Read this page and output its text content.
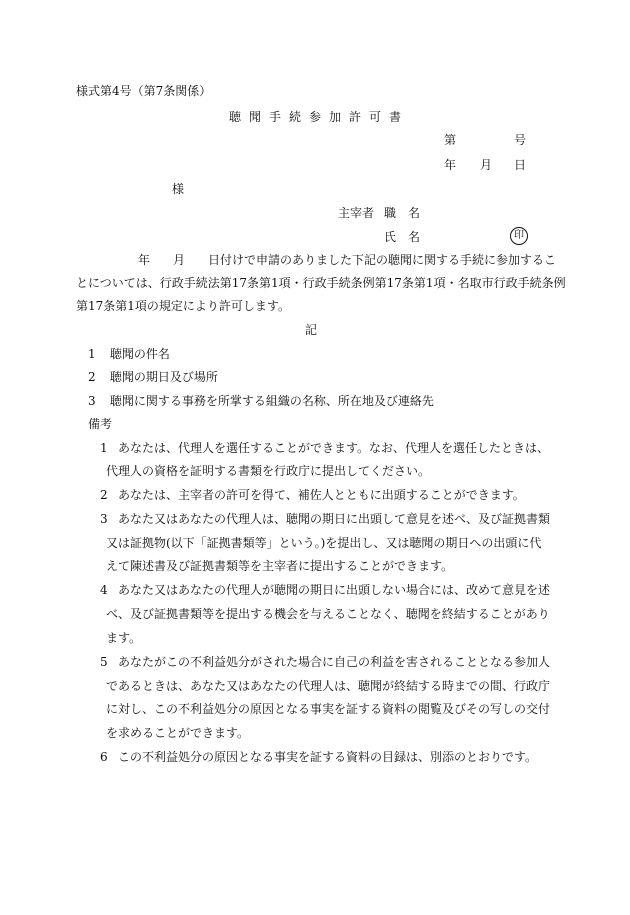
様式第4号（第7条関係）
聴聞手続参加許可書
第	号
年 月 日
様
主宰者 職　名
氏　名	印
年 月 日付けで申請のありました下記の聴聞に関する手続に参加するこ
とについては、行政手続法第17条第1項・行政手続条例第17条第1項・名取市行政手続条例
第17条第1項の規定により許可します。
記
1 聴聞の件名
2 聴聞の期日及び場所
3 聴聞に関する事務を所掌する組織の名称、所在地及び連絡先
備考
1 あなたは、代理人を選任することができます。なお、代理人を選任したときは、
代理人の資格を証明する書類を行政庁に提出してください。
2 あなたは、主宰者の許可を得て、補佐人とともに出頭することができます。
3 あなた又はあなたの代理人は、聴聞の期日に出頭して意見を述べ、及び証拠書類
又は証拠物(以下「証拠書類等」という。)を提出し、又は聴聞の期日への出頭に代
えて陳述書及び証拠書類等を主宰者に提出することができます。
4 あなた又はあなたの代理人が聴聞の期日に出頭しない場合には、改めて意見を述
べ、及び証拠書類等を提出する機会を与えることなく、聴聞を終結することがあり
ます。
5 あなたがこの不利益処分がされた場合に自己の利益を害されることとなる参加人
であるときは、あなた又はあなたの代理人は、聴聞が終結する時までの間、行政庁
に対し、この不利益処分の原因となる事実を証する資料の閲覧及びその写しの交付
を求めることができます。
6 この不利益処分の原因となる事実を証する資料の目録は、別添のとおりです。
